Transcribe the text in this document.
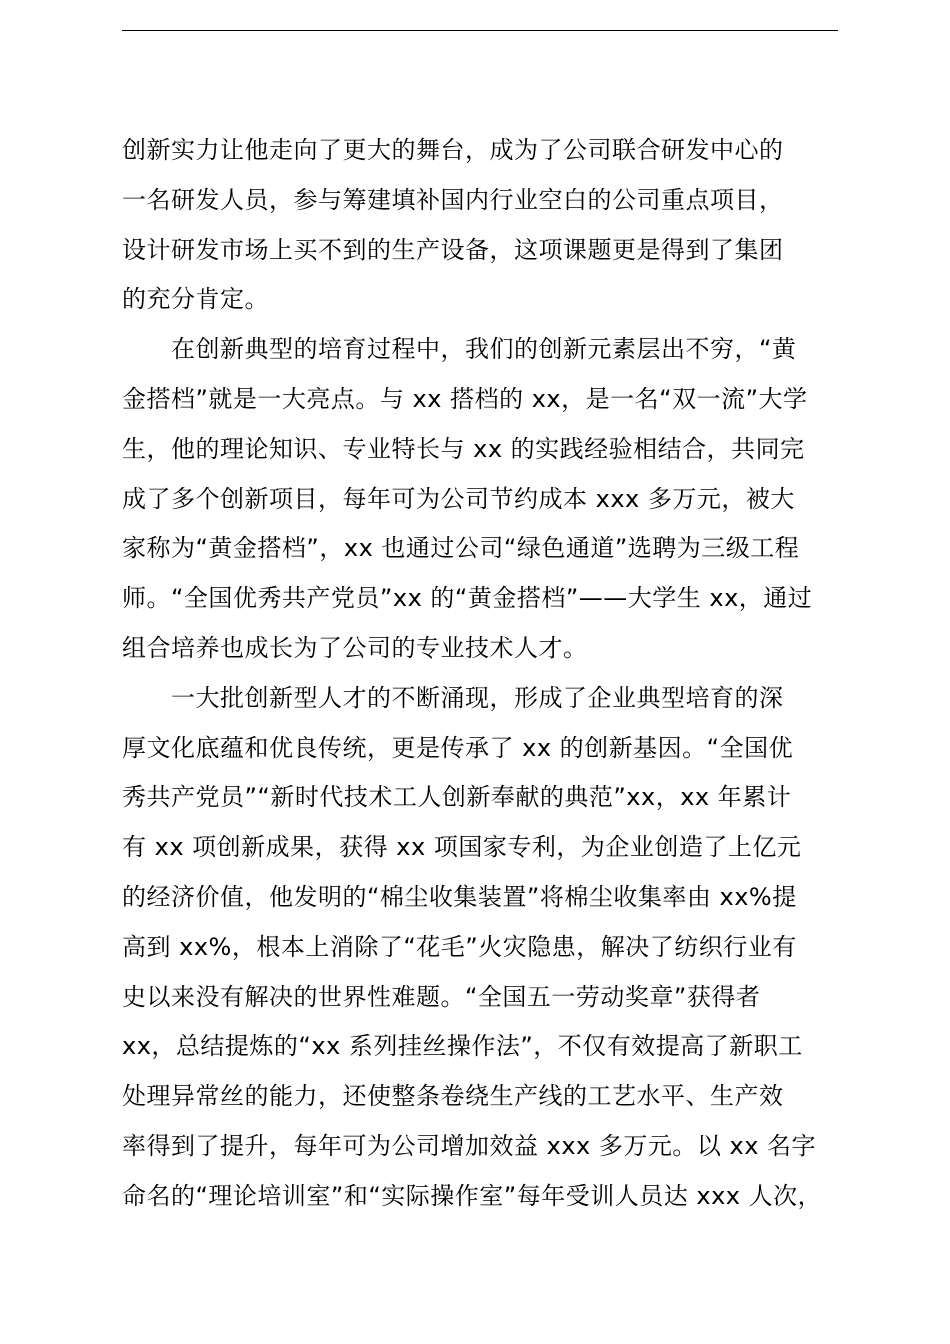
创新实力让他走向了更大的舞台，成为了公司联合研发中心的
一名研发人员，参与筹建填补国内行业空白的公司重点项目，
设计研发市场上买不到的生产设备，这项课题更是得到了集团
的充分肯定。
在创新典型的培育过程中，我们的创新元素层出不穷，“黄
金搭档”就是一大亮点。与 xx 搭档的 xx，是一名“双一流”大学
生，他的理论知识、专业特长与 xx 的实践经验相结合，共同完
成了多个创新项目，每年可为公司节约成本 xxx 多万元，被大
家称为“黄金搭档”，xx 也通过公司“绿色通道”选聘为三级工程
师。“全国优秀共产党员”xx 的“黄金搭档”——大学生 xx，通过
组合培养也成长为了公司的专业技术人才。
一大批创新型人才的不断涌现，形成了企业典型培育的深
厚文化底蕴和优良传统，更是传承了 xx 的创新基因。“全国优
秀共产党员”“新时代技术工人创新奉献的典范”xx，xx 年累计
有 xx 项创新成果，获得 xx 项国家专利，为企业创造了上亿元
的经济价值，他发明的“棉尘收集装置”将棉尘收集率由 xx%提
高到 xx%，根本上消除了“花毛”火灾隐患，解决了纺织行业有
史以来没有解决的世界性难题。“全国五一劳动奖章”获得者
xx，总结提炼的“xx 系列挂丝操作法”，不仅有效提高了新职工
处理异常丝的能力，还使整条卷绕生产线的工艺水平、生产效
率得到了提升，每年可为公司增加效益 xxx 多万元。以 xx 名字
命名的“理论培训室”和“实际操作室”每年受训人员达 xxx 人次，
